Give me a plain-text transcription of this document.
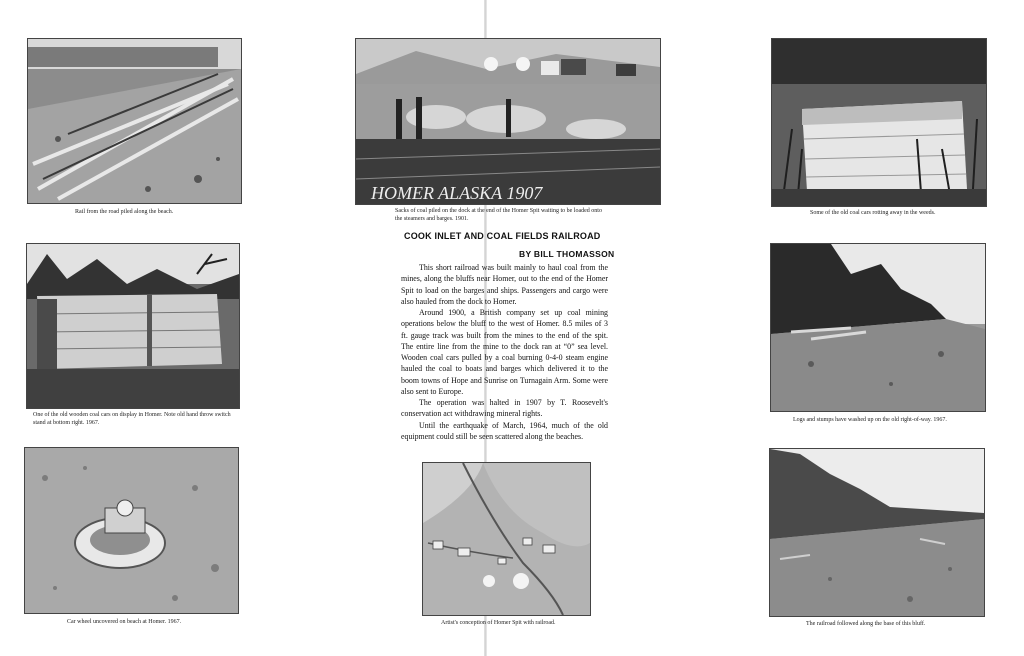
Rail from the road piled along the beach.
HOMER ALASKA 1907
Sacks of coal piled on the dock at the end of the Homer Spit waiting to be loaded onto the steamers and barges. 1901.
Some of the old coal cars rotting away in the weeds.
One of the old wooden coal cars on display in Homer. Note old hand throw switch stand at bottom right. 1967.	Logs and stumps have washed up on the old right-of-way. 1967.
Car wheel uncovered on beach at Homer. 1967.	Artist's conception of Homer Spit with railroad.	The railroad followed along the base of this bluff.
COOK INLET AND COAL FIELDS RAILROAD
BY BILL THOMASSON

This short railroad was built mainly to haul coal from the mines, along the bluffs near Homer, out to the end of the Homer Spit to load on the barges and ships. Passengers and cargo were also hauled from the dock to Homer.

Around 1900, a British company set up coal mining operations below the bluff to the west of Homer. 8.5 miles of 3 ft. gauge track was built from the mines to the end of the spit. The entire line from the mine to the dock ran at “0” sea level. Wooden coal cars pulled by a coal burning 0-4-0 steam engine hauled the coal to boats and barges which delivered it to the boom towns of Hope and Sunrise on Turnagain Arm. Some were also sent to Europe.

The operation was halted in 1907 by T. Roosevelt's conservation act withdrawing mineral rights.

Until the earthquake of March, 1964, much of the old equipment could still be seen scattered along the beaches.
